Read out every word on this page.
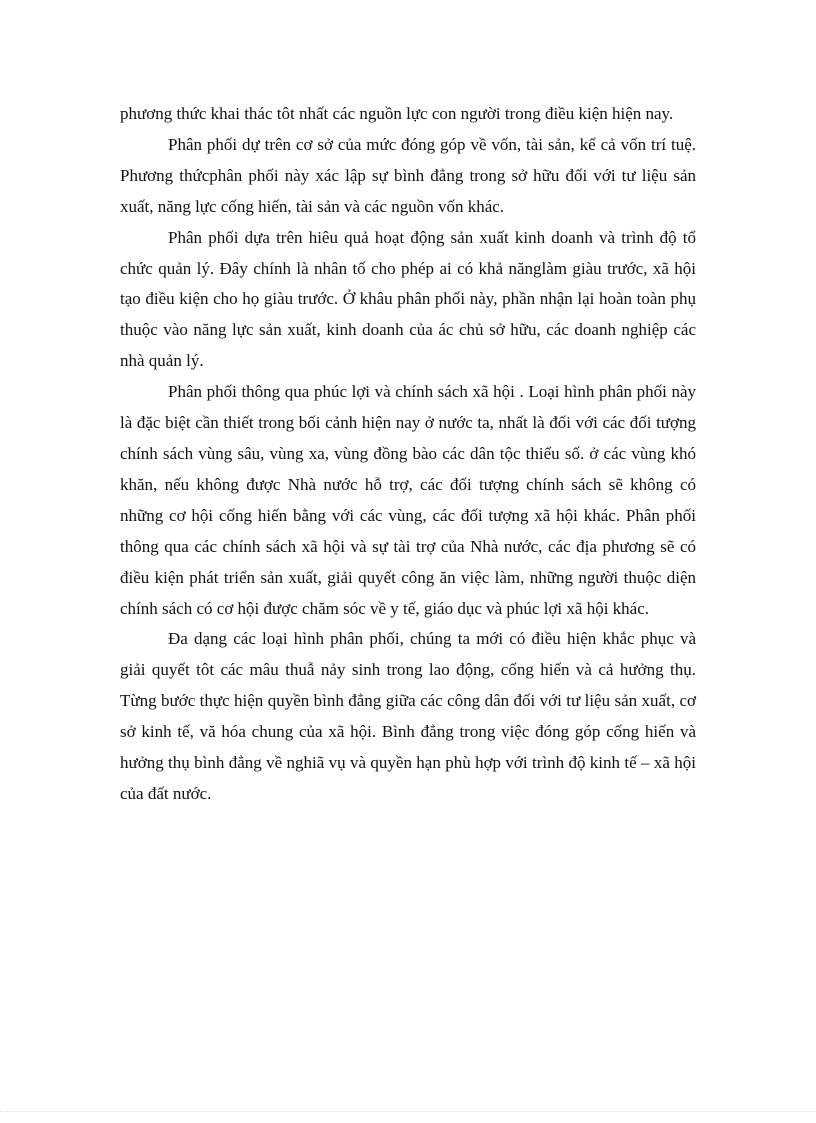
phương thức khai thác tôt nhất các nguồn lực con người trong điều kiện hiện nay.

Phân phối dự trên cơ sở của mức đóng góp về vốn, tài sản, kể cả vốn trí tuệ. Phương thứcphân phối này xác lập sự bình đẳng trong sở hữu đối với tư liệu sản xuất, năng lực cống hiến, tài sản và các nguồn vốn khác.

Phân phối dựa trên hiêu quả hoạt động sản xuất kinh doanh và trình độ tổ chức quản lý. Đây chính là nhân tố cho phép ai có khả nănglàm giàu trước, xã hội tạo điều kiện cho họ giàu trước. Ở khâu phân phối này, phần nhận lại hoàn toàn phụ thuộc vào năng lực sản xuất, kinh doanh của ác chủ sở hữu, các doanh nghiệp các nhà quản lý.

Phân phối thông qua phúc lợi và chính sách xã hội . Loại hình phân phối này là đặc biệt cần thiết trong bối cảnh hiện nay ở nước ta, nhất là đối với các đối tượng chính sách vùng sâu, vùng xa, vùng đồng bào các dân tộc thiểu số. ở các vùng khó khăn, nếu không được Nhà nước hỗ trợ, các đối tượng chính sách sẽ không có những cơ hội cống hiến bằng với các vùng, các đối tượng xã hội khác. Phân phối thông qua các chính sách xã hội và sự tài trợ của Nhà nước, các địa phương sẽ có điều kiện phát triển sản xuất, giải quyết công ăn việc làm, những người thuộc diện chính sách có cơ hội được chăm sóc về y tế, giáo dục và phúc lợi xã hội khác.

Đa dạng các loại hình phân phối, chúng ta mới có điều hiện khắc phục và giải quyết tôt các mâu thuẫ nảy sinh trong lao động, cống hiến và cả hưởng thụ. Từng bước thực hiện quyền bình đẳng giữa các công dân đối với tư liệu sản xuất, cơ sở kinh tế, vă hóa chung của xã hội. Bình đẳng trong việc đóng góp cống hiến và hưởng thụ bình đẳng về nghiã vụ và quyền hạn phù hợp với trình độ kinh tế – xã hội của đất nước.
